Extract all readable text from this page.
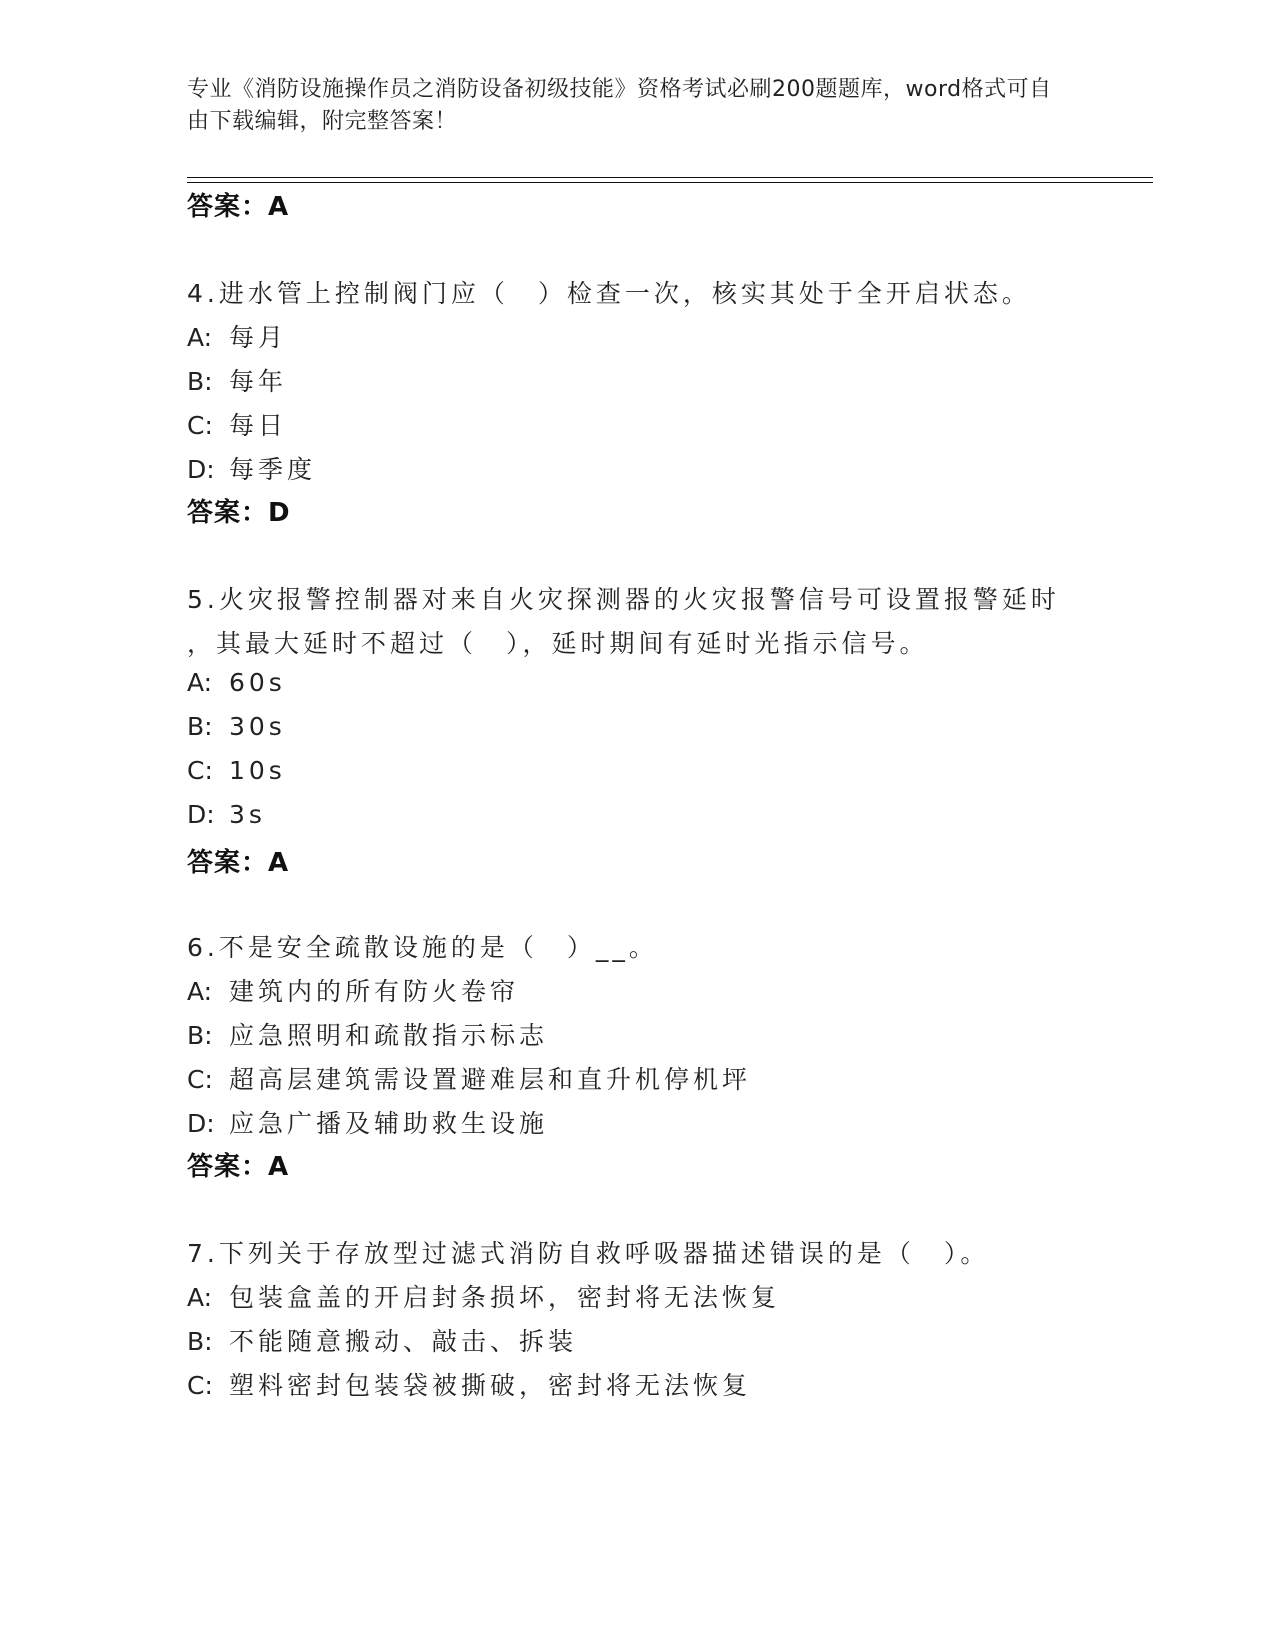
专业《消防设施操作员之消防设备初级技能》资格考试必刷200题题库，word格式可自由下载编辑，附完整答案！
答案：A
4.进水管上控制阀门应（　）检查一次，核实其处于全开启状态。
A: 每月
B: 每年
C: 每日
D: 每季度
答案：D
5.火灾报警控制器对来自火灾探测器的火灾报警信号可设置报警延时
，其最大延时不超过（　），延时期间有延时光指示信号。
A: 60s
B: 30s
C: 10s
D: 3s
答案：A
6.不是安全疏散设施的是（　）__。
A: 建筑内的所有防火卷帘
B: 应急照明和疏散指示标志
C: 超高层建筑需设置避难层和直升机停机坪
D: 应急广播及辅助救生设施
答案：A
7.下列关于存放型过滤式消防自救呼吸器描述错误的是（　）。
A: 包装盒盖的开启封条损坏，密封将无法恢复
B: 不能随意搬动、敲击、拆装
C: 塑料密封包装袋被撕破，密封将无法恢复
